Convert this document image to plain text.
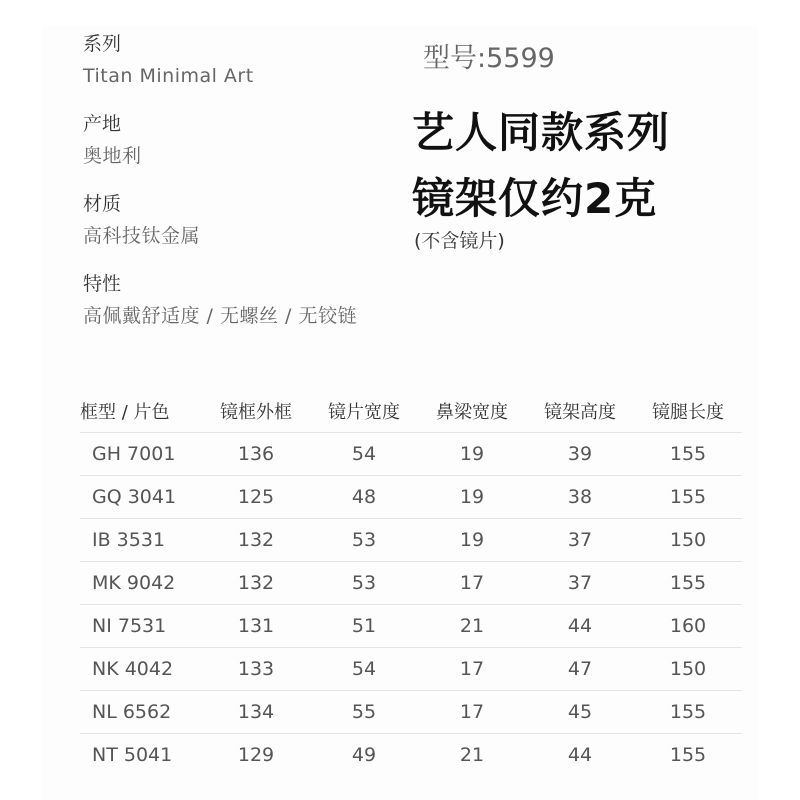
系列
Titan Minimal Art
产地
奥地利
材质
高科技钛金属
特性
高佩戴舒适度 / 无螺丝 / 无铰链
型号:5599
艺人同款系列
镜架仅约2克
(不含镜片)
框型 / 片色	镜框外框	镜片宽度	鼻梁宽度	镜架高度	镜腿长度
GH 7001	136	54	19	39	155
GQ 3041	125	48	19	38	155
IB 3531	132	53	19	37	150
MK 9042	132	53	17	37	155
NI 7531	131	51	21	44	160
NK 4042	133	54	17	47	150
NL 6562	134	55	17	45	155
NT 5041	129	49	21	44	155
